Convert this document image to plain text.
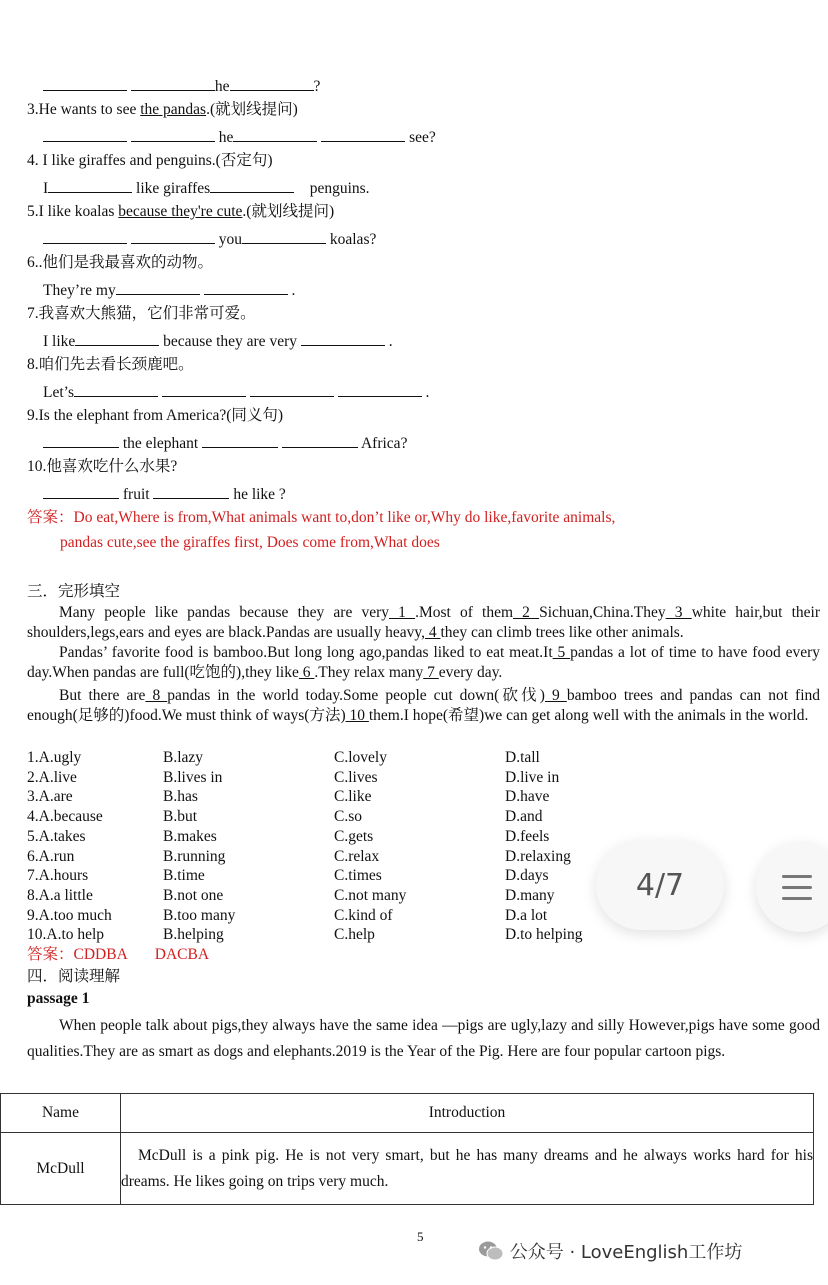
he	?
3.He wants to see the pandas.(就划线提问)
he	see?
4. I like giraffes and penguins.(否定句)
I	like giraffes	penguins.
5.I like koalas because they're cute.(就划线提问)
you	koalas?
6..他们是我最喜欢的动物。
They’re my	.
7.我喜欢大熊猫，它们非常可爱。
I like	because they are very	.
8.咱们先去看长颈鹿吧。
Let’s	.
9.Is the elephant from America?(同义句)
the elephant	Africa?
10.他喜欢吃什么水果?
fruit	he like ?
答案：Do eat,Where is from,What animals want to,don’t like or,Why do like,favorite animals,
pandas cute,see the giraffes first, Does come from,What does
三．完形填空
Many people like pandas because they are very 1 .Most of them 2 Sichuan,China.They 3 white hair,but their shoulders,legs,ears and eyes are black.Pandas are usually heavy, 4 they can climb trees like other animals.
Pandas’ favorite food is bamboo.But long long ago,pandas liked to eat meat.It 5 pandas a lot of time to have food every day.When pandas are full(吃饱的),they like 6 .They relax many 7 every day.
But there are 8 pandas in the world today.Some people cut down(砍伐) 9 bamboo trees and pandas can not find enough(足够的)food.We must think of ways(方法) 10 them.I hope(希望)we can get along well with the animals in the world.
1.A.ugly	B.lazy	C.lovely	D.tall
2.A.live	B.lives in	C.lives	D.live in
3.A.are	B.has	C.like	D.have
4.A.because	B.but	C.so	D.and
5.A.takes	B.makes	C.gets	D.feels
6.A.run	B.running	C.relax	D.relaxing
7.A.hours	B.time	C.times	D.days
8.A.a little	B.not one	C.not many	D.many
9.A.too much	B.too many	C.kind of	D.a lot
10.A.to help	B.helping	C.help	D.to helping
答案：CDDBA DACBA
四．阅读理解
passage 1
When people talk about pigs,they always have the same idea —pigs are ugly,lazy and silly However,pigs have some good qualities.They are as smart as dogs and elephants.2019 is the Year of the Pig. Here are four popular cartoon pigs.
Name	Introduction
McDull	McDull is a pink pig. He is not very smart, but he has many dreams and he always works hard for his dreams. He likes going on trips very much.
5
公众号 · LoveEnglish工作坊
4/7
